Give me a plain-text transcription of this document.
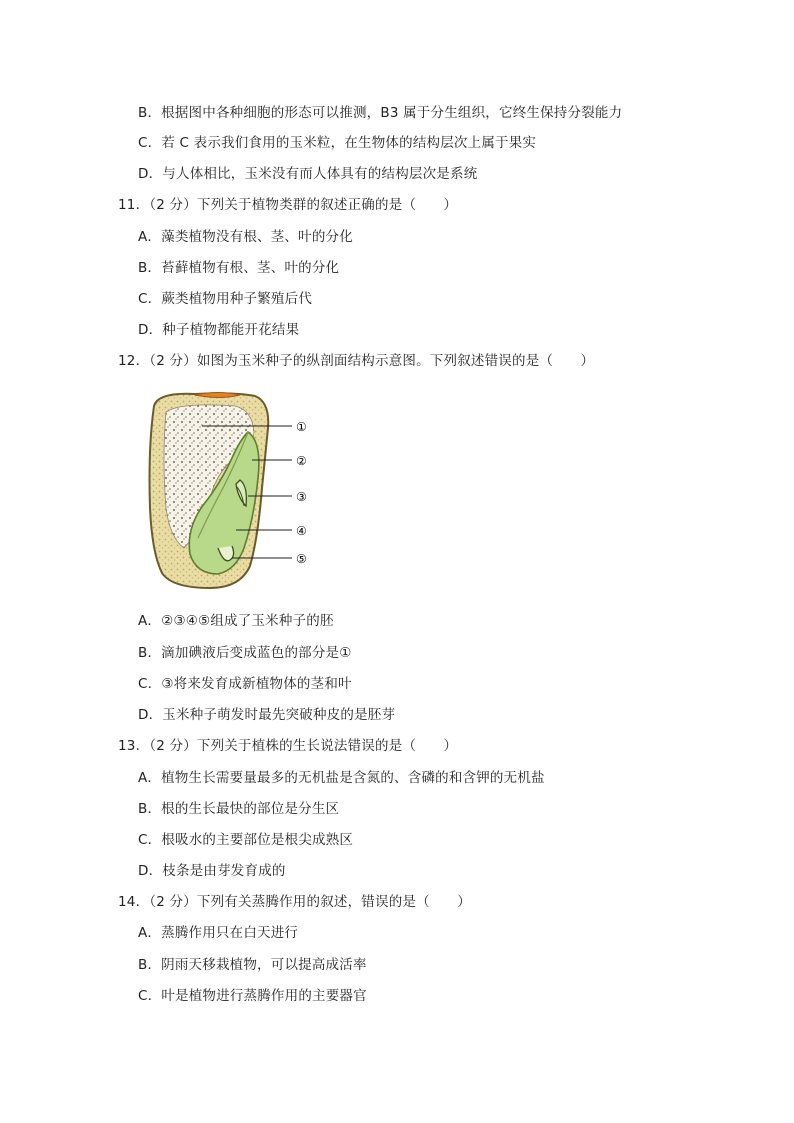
B．根据图中各种细胞的形态可以推测，B3 属于分生组织，它终生保持分裂能力
C．若 C 表示我们食用的玉米粒，在生物体的结构层次上属于果实
D．与人体相比，玉米没有而人体具有的结构层次是系统
11．（2 分）下列关于植物类群的叙述正确的是（　　）
A．藻类植物没有根、茎、叶的分化
B．苔藓植物有根、茎、叶的分化
C．蕨类植物用种子繁殖后代
D．种子植物都能开花结果
12．（2 分）如图为玉米种子的纵剖面结构示意图。下列叙述错误的是（　　）
①
②
③
④
⑤
A．②③④⑤组成了玉米种子的胚
B．滴加碘液后变成蓝色的部分是①
C．③将来发育成新植物体的茎和叶
D．玉米种子萌发时最先突破种皮的是胚芽
13．（2 分）下列关于植株的生长说法错误的是（　　）
A．植物生长需要量最多的无机盐是含氮的、含磷的和含钾的无机盐
B．根的生长最快的部位是分生区
C．根吸水的主要部位是根尖成熟区
D．枝条是由芽发育成的
14．（2 分）下列有关蒸腾作用的叙述，错误的是（　　）
A．蒸腾作用只在白天进行
B．阴雨天移栽植物，可以提高成活率
C．叶是植物进行蒸腾作用的主要器官
